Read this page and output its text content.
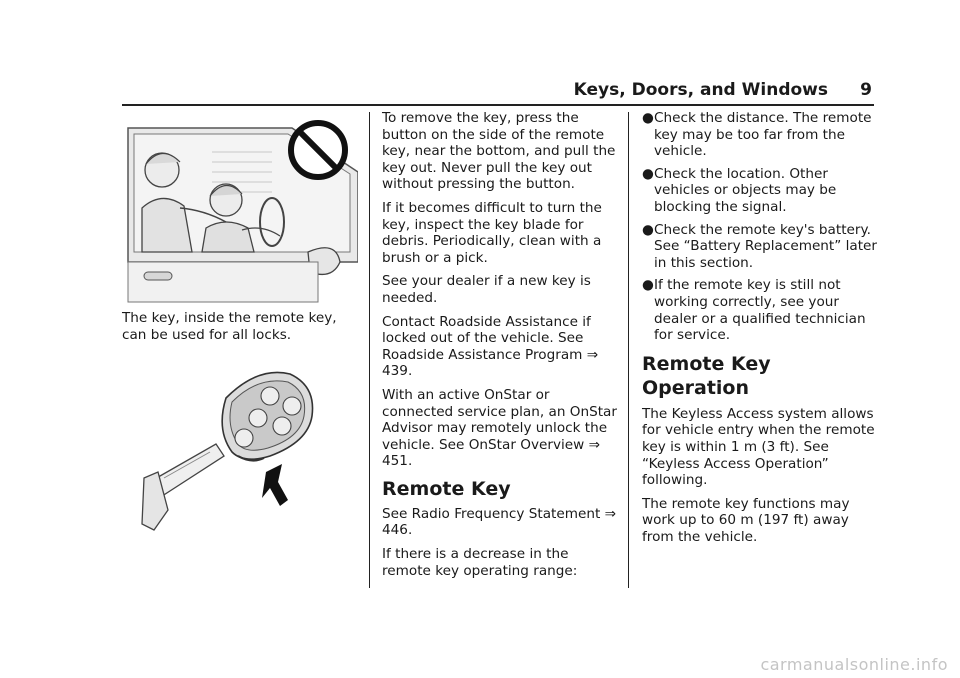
Keys, Doors, and Windows 9

The key, inside the remote key, can be used for all locks.

To remove the key, press the button on the side of the remote key, near the bottom, and pull the key out. Never pull the key out without pressing the button.

If it becomes difficult to turn the key, inspect the key blade for debris. Periodically, clean with a brush or a pick.

See your dealer if a new key is needed.

Contact Roadside Assistance if locked out of the vehicle. See Roadside Assistance Program ⇒ 439.

With an active OnStar or connected service plan, an OnStar Advisor may remotely unlock the vehicle. See OnStar Overview ⇒ 451.

Remote Key

See Radio Frequency Statement ⇒ 446.

If there is a decrease in the remote key operating range:

● Check the distance. The remote key may be too far from the vehicle.
● Check the location. Other vehicles or objects may be blocking the signal.
● Check the remote key's battery. See “Battery Replacement” later in this section.
● If the remote key is still not working correctly, see your dealer or a qualified technician for service.
Remote Key Operation

The Keyless Access system allows for vehicle entry when the remote key is within 1 m (3 ft). See “Keyless Access Operation” following.

The remote key functions may work up to 60 m (197 ft) away from the vehicle.

carmanualsonline.info
